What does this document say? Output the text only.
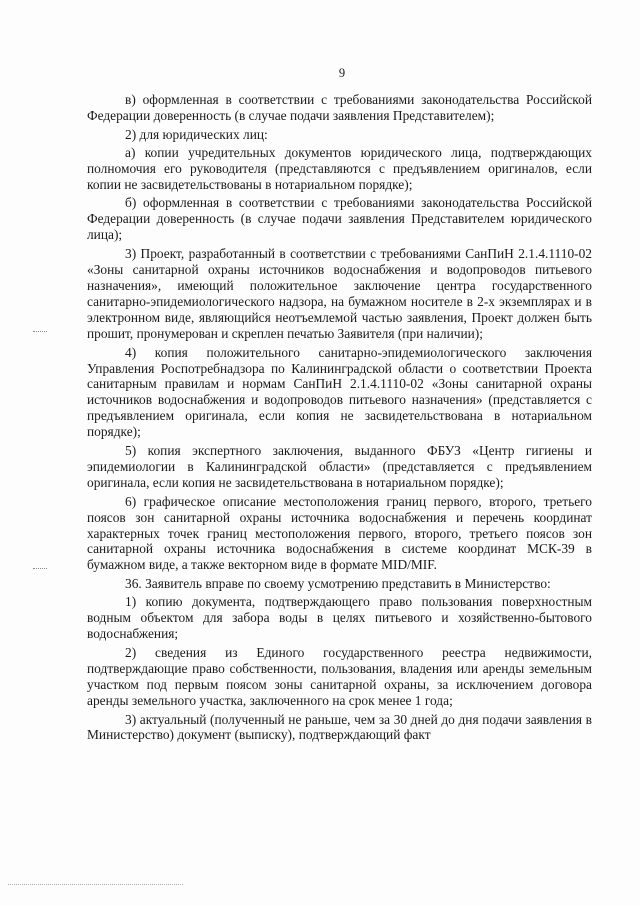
9

в) оформленная в соответствии с требованиями законодательства Российской Федерации доверенность (в случае подачи заявления Представителем);

2) для юридических лиц:

а) копии учредительных документов юридического лица, подтверждающих полномочия его руководителя (представляются с предъявлением оригиналов, если копии не засвидетельствованы в нотариальном порядке);

б) оформленная в соответствии с требованиями законодательства Российской Федерации доверенность (в случае подачи заявления Представителем юридического лица);

3) Проект, разработанный в соответствии с требованиями СанПиН 2.1.4.1110-02 «Зоны санитарной охраны источников водоснабжения и водопроводов питьевого назначения», имеющий положительное заключение центра государственного санитарно-эпидемиологического надзора, на бумажном носителе в 2-х экземплярах и в электронном виде, являющийся неотъемлемой частью заявления, Проект должен быть прошит, пронумерован и скреплен печатью Заявителя (при наличии);

4) копия положительного санитарно-эпидемиологического заключения Управления Роспотребнадзора по Калининградской области о соответствии Проекта санитарным правилам и нормам СанПиН 2.1.4.1110-02 «Зоны санитарной охраны источников водоснабжения и водопроводов питьевого назначения» (представляется с предъявлением оригинала, если копия не засвидетельствована в нотариальном порядке);

5) копия экспертного заключения, выданного ФБУЗ «Центр гигиены и эпидемиологии в Калининградской области» (представляется с предъявлением оригинала, если копия не засвидетельствована в нотариальном порядке);

6) графическое описание местоположения границ первого, второго, третьего поясов зон санитарной охраны источника водоснабжения и перечень координат характерных точек границ местоположения первого, второго, третьего поясов зон санитарной охраны источника водоснабжения в системе координат МСК-39 в бумажном виде, а также векторном виде в формате MID/MIF.

36. Заявитель вправе по своему усмотрению представить в Министерство:

1) копию документа, подтверждающего право пользования поверхностным водным объектом для забора воды в целях питьевого и хозяйственно-бытового водоснабжения;

2) сведения из Единого государственного реестра недвижимости, подтверждающие право собственности, пользования, владения или аренды земельным участком под первым поясом зоны санитарной охраны, за исключением договора аренды земельного участка, заключенного на срок менее 1 года;

3) актуальный (полученный не раньше, чем за 30 дней до дня подачи заявления в Министерство) документ (выписку), подтверждающий факт
